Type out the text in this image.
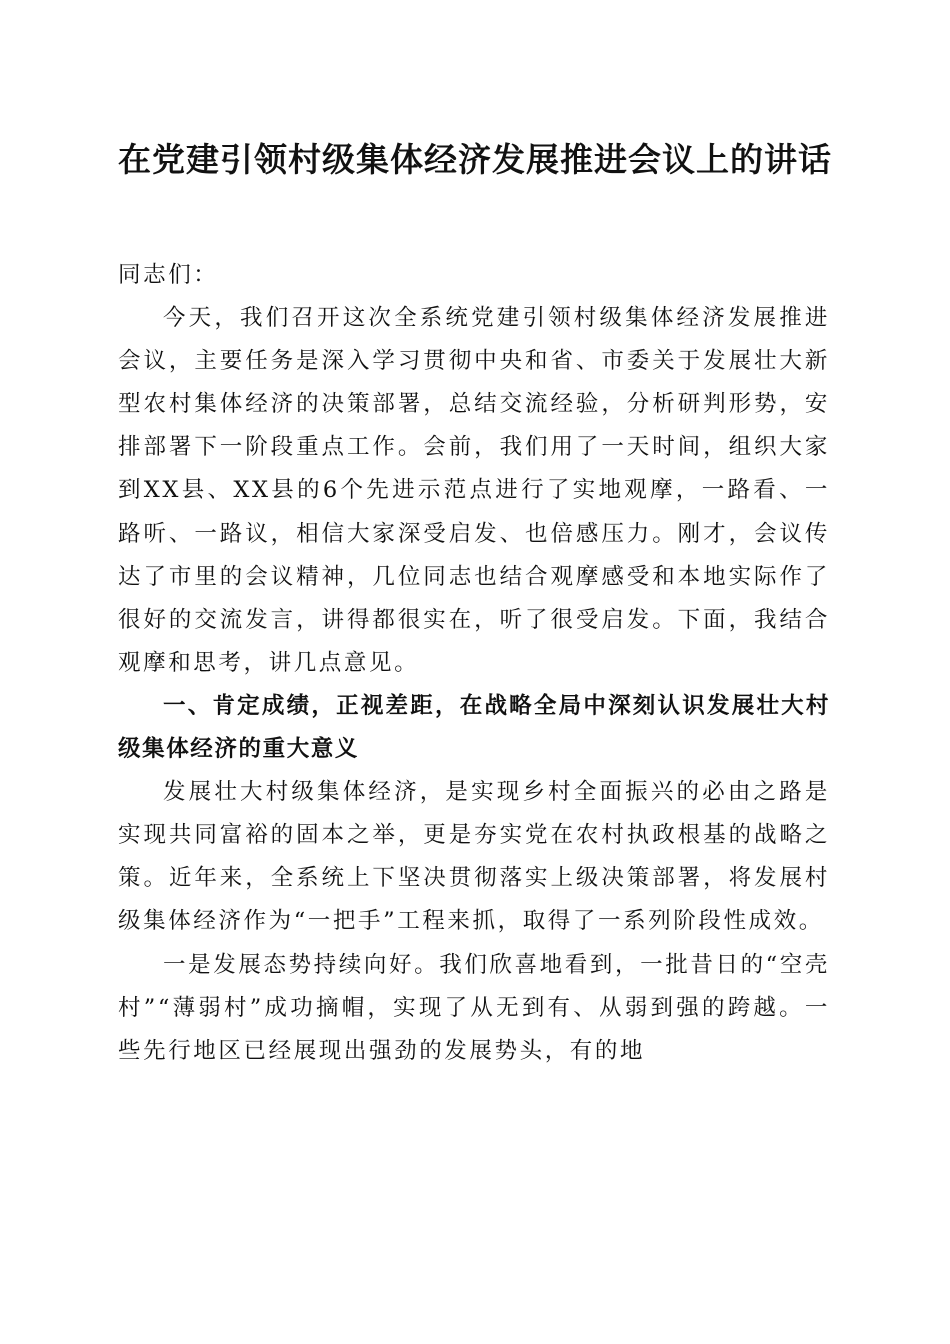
在党建引领村级集体经济发展推进会议上的讲话

同志们：

今天，我们召开这次全系统党建引领村级集体经济发展推进会议，主要任务是深入学习贯彻中央和省、市委关于发展壮大新型农村集体经济的决策部署，总结交流经验，分析研判形势，安排部署下一阶段重点工作。会前，我们用了一天时间，组织大家到XX县、XX县的6个先进示范点进行了实地观摩，一路看、一路听、一路议，相信大家深受启发、也倍感压力。刚才，会议传达了市里的会议精神，几位同志也结合观摩感受和本地实际作了很好的交流发言，讲得都很实在，听了很受启发。下面，我结合观摩和思考，讲几点意见。

一、肯定成绩，正视差距，在战略全局中深刻认识发展壮大村级集体经济的重大意义

发展壮大村级集体经济，是实现乡村全面振兴的必由之路是实现共同富裕的固本之举，更是夯实党在农村执政根基的战略之策。近年来，全系统上下坚决贯彻落实上级决策部署，将发展村级集体经济作为“一把手”工程来抓，取得了一系列阶段性成效。

一是发展态势持续向好。我们欣喜地看到，一批昔日的“空壳村”“薄弱村”成功摘帽，实现了从无到有、从弱到强的跨越。一些先行地区已经展现出强劲的发展势头，有的地
